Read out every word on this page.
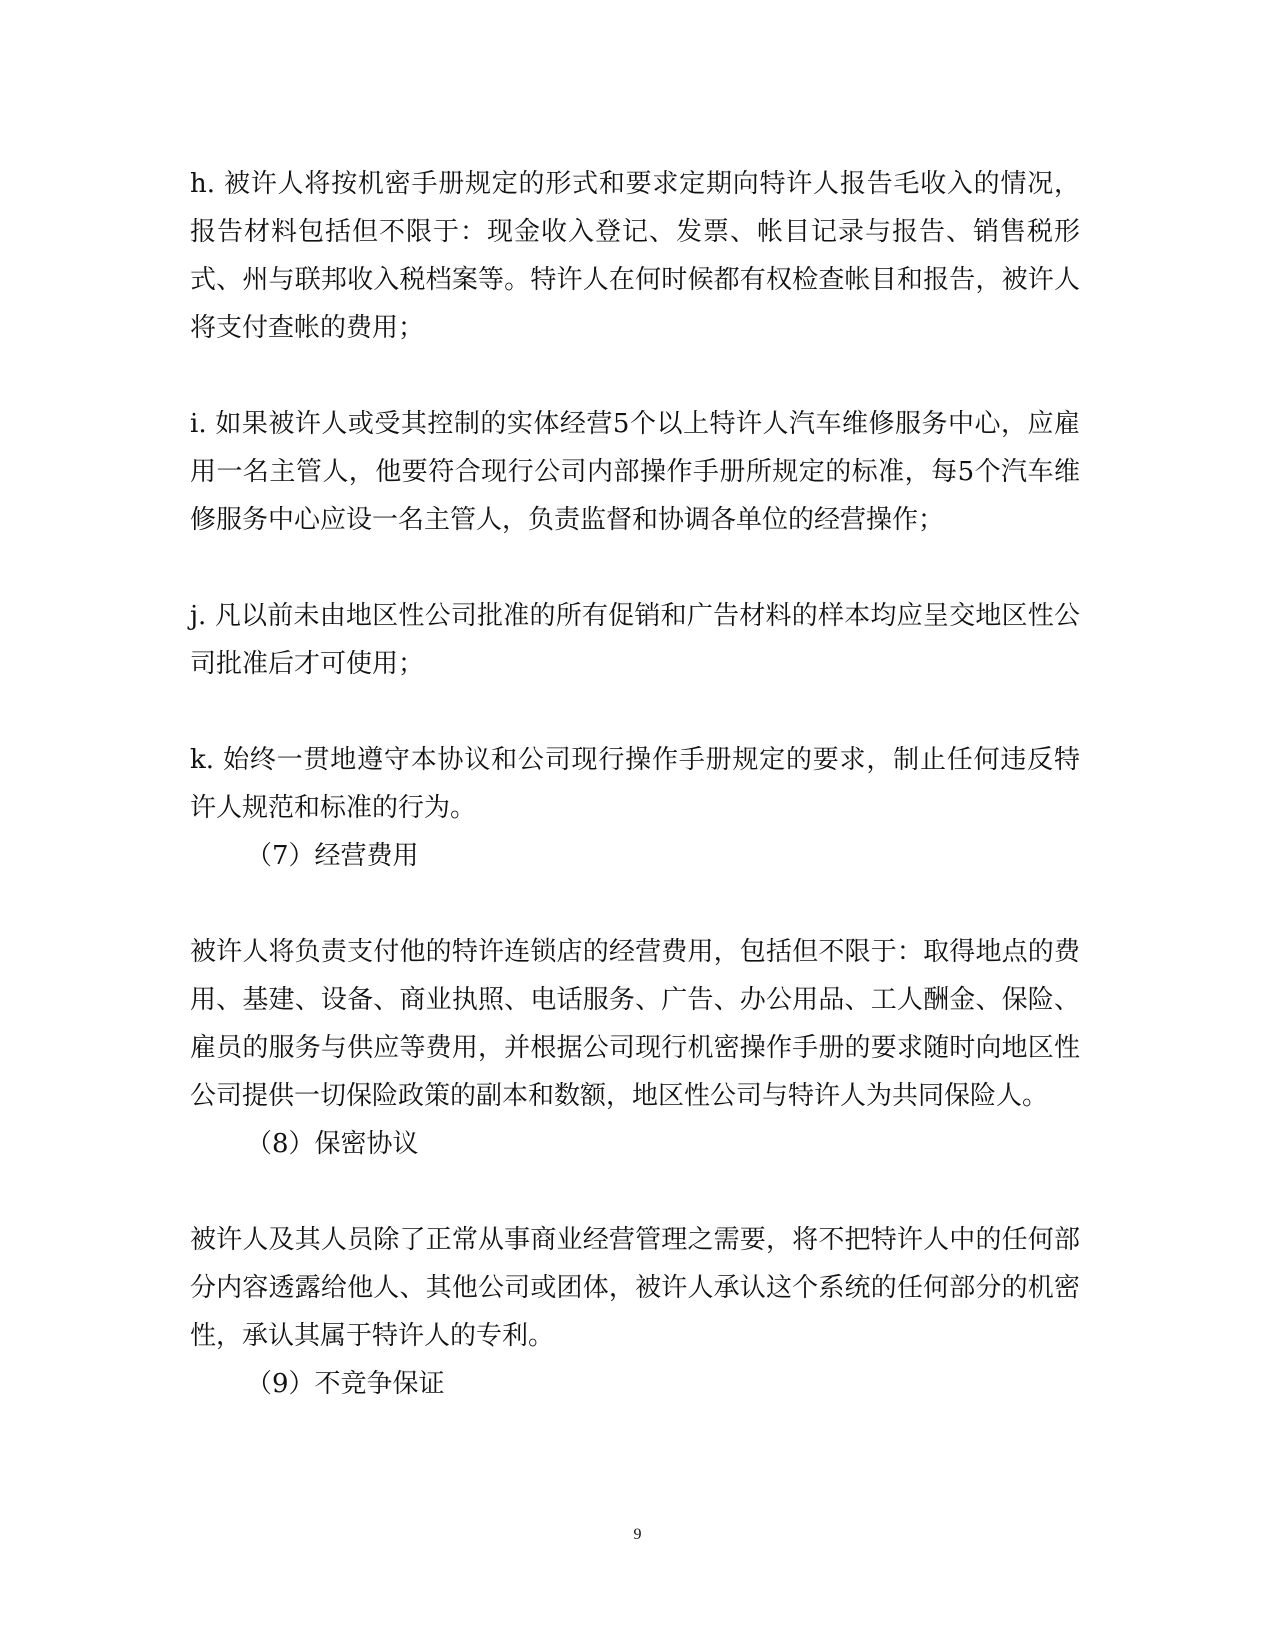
h. 被许人将按机密手册规定的形式和要求定期向特许人报告毛收入的情况，报告材料包括但不限于：现金收入登记、发票、帐目记录与报告、销售税形式、州与联邦收入税档案等。特许人在何时候都有权检查帐目和报告，被许人将支付查帐的费用；

i. 如果被许人或受其控制的实体经营5个以上特许人汽车维修服务中心，应雇用一名主管人，他要符合现行公司内部操作手册所规定的标准，每5个汽车维修服务中心应设一名主管人，负责监督和协调各单位的经营操作；

j. 凡以前未由地区性公司批准的所有促销和广告材料的样本均应呈交地区性公司批准后才可使用；

k. 始终一贯地遵守本协议和公司现行操作手册规定的要求，制止任何违反特许人规范和标准的行为。

（7）经营费用

被许人将负责支付他的特许连锁店的经营费用，包括但不限于：取得地点的费用、基建、设备、商业执照、电话服务、广告、办公用品、工人酬金、保险、雇员的服务与供应等费用，并根据公司现行机密操作手册的要求随时向地区性公司提供一切保险政策的副本和数额，地区性公司与特许人为共同保险人。

（8）保密协议

被许人及其人员除了正常从事商业经营管理之需要，将不把特许人中的任何部分内容透露给他人、其他公司或团体，被许人承认这个系统的任何部分的机密性，承认其属于特许人的专利。

（9）不竞争保证

9
